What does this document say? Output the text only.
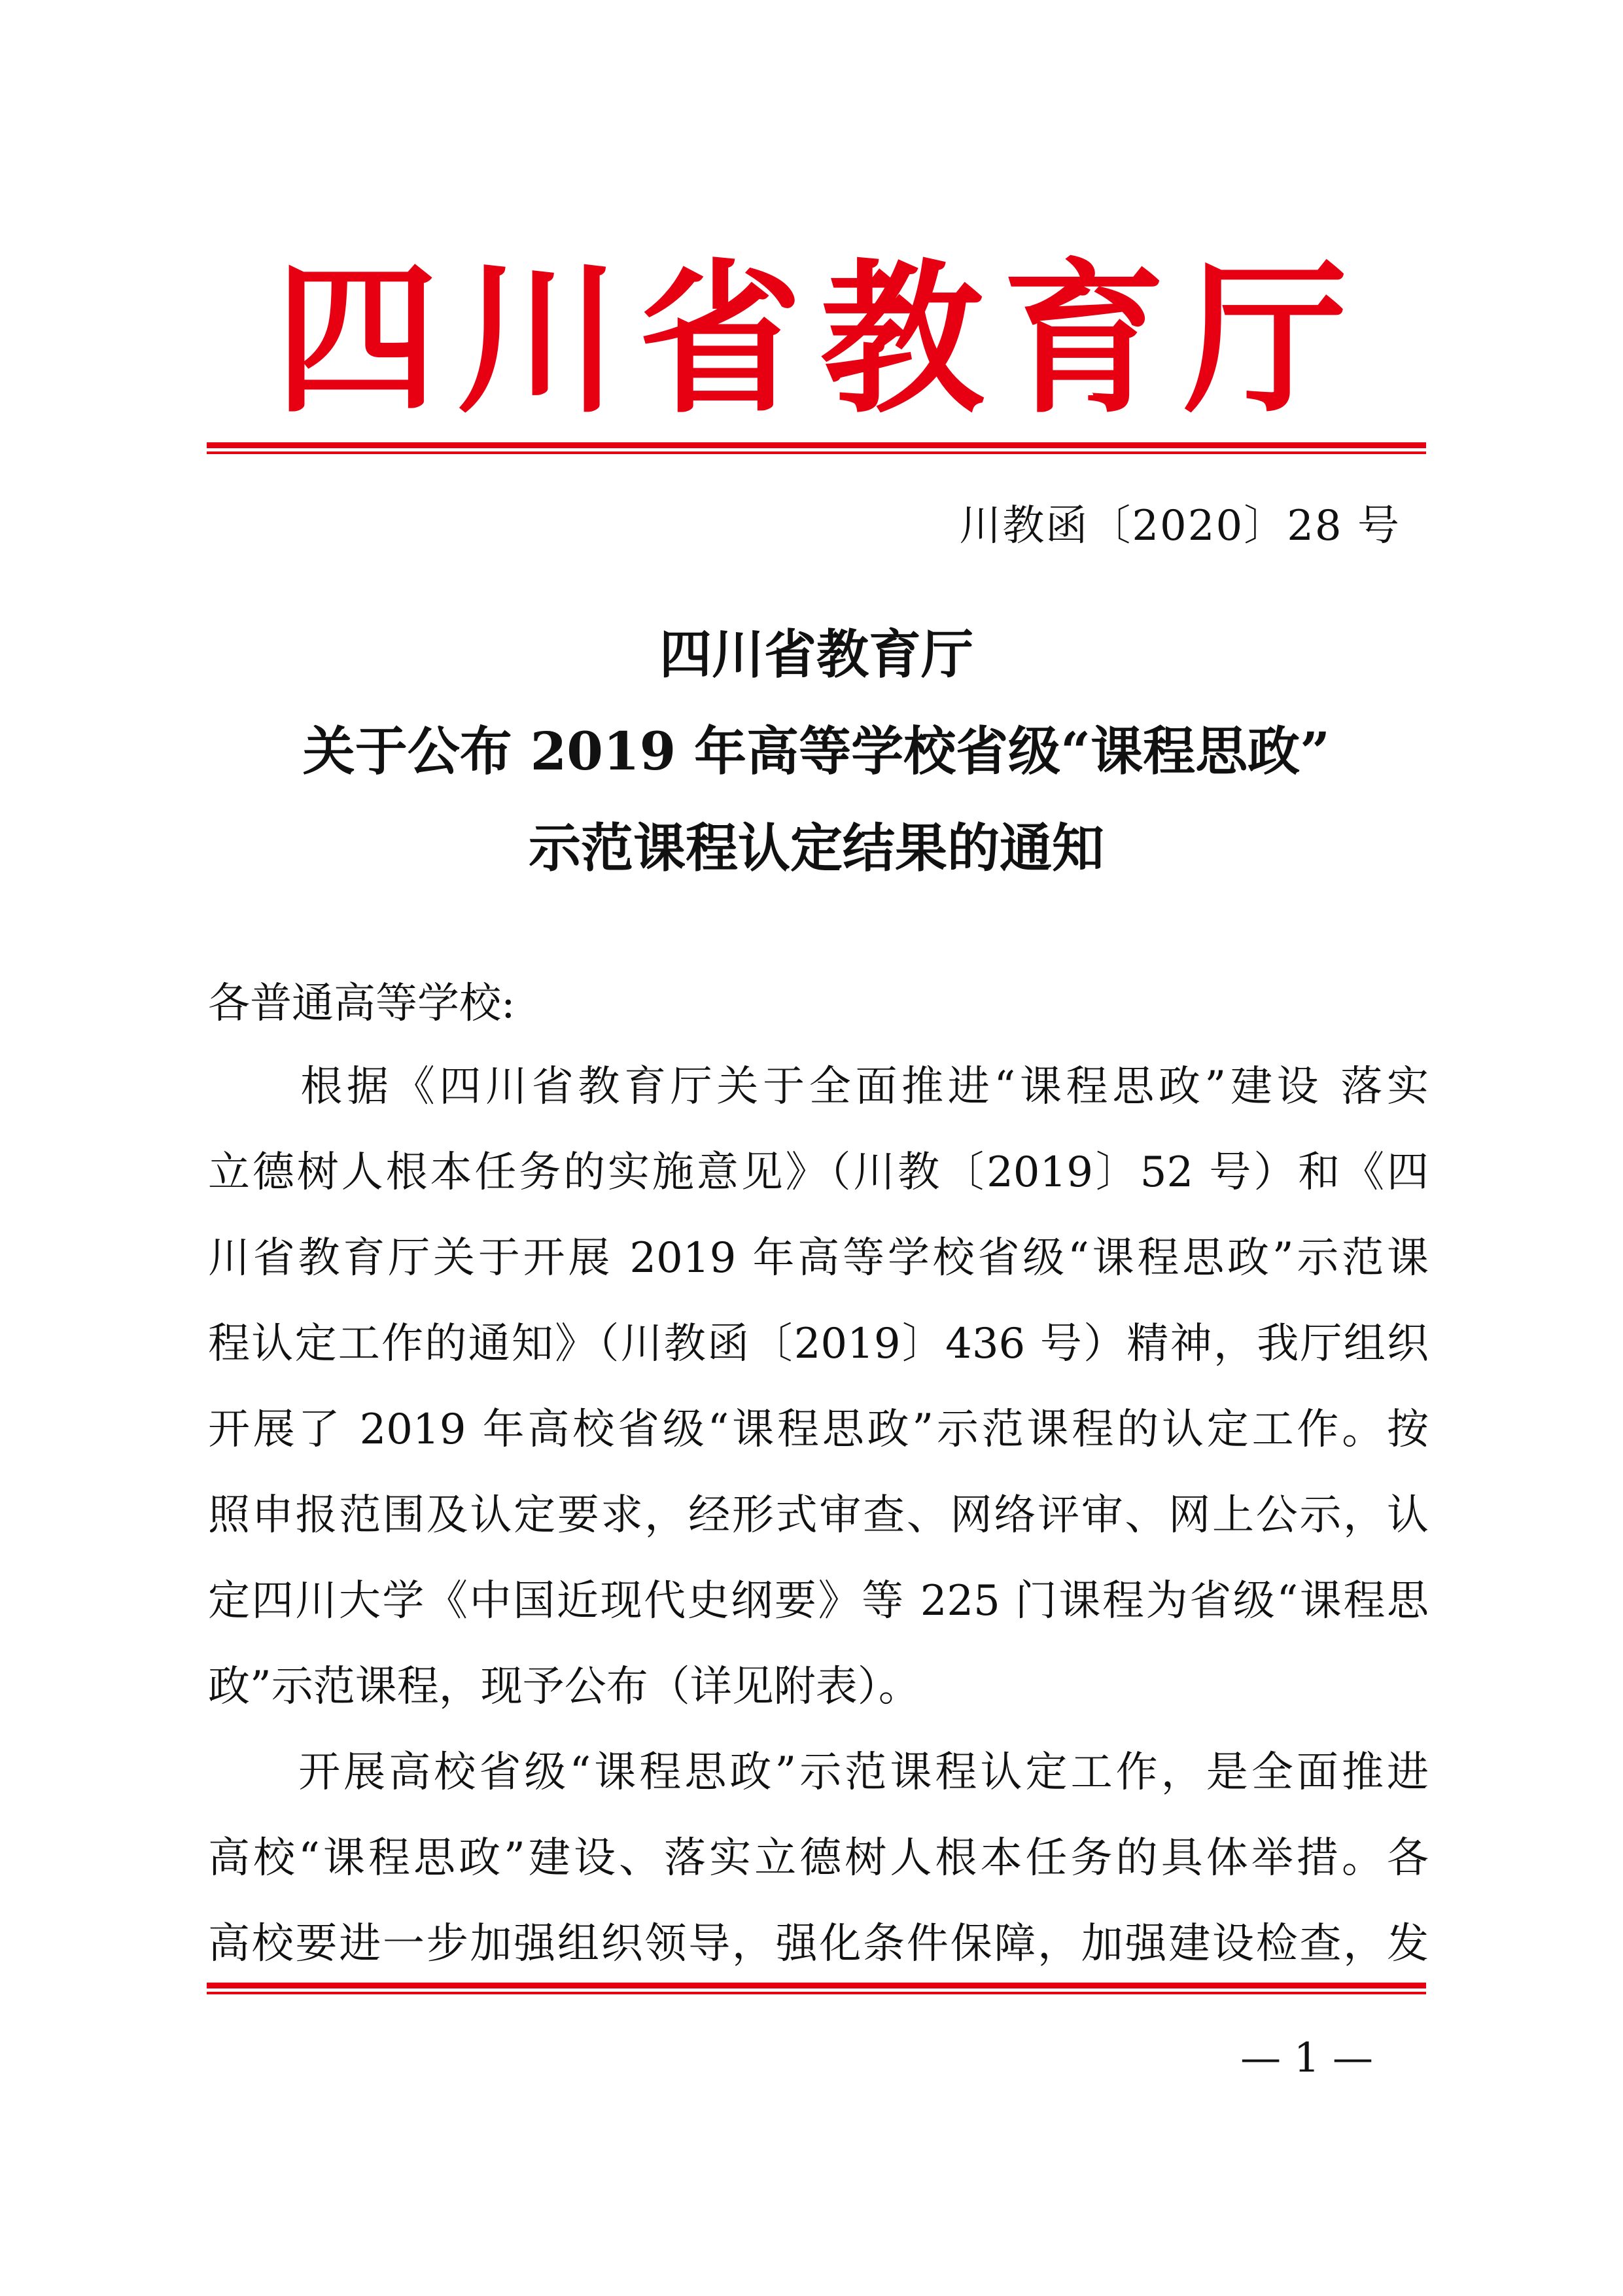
四 川 省 教 育 厅
川教函〔2020〕28 号
四川省教育厅
关于公布 2019 年高等学校省级“课程思政”
示范课程认定结果的通知
各普通高等学校:
　　根据《四川省教育厅关于全面推进“课程思政”建设 落实
立德树人根本任务的实施意见》（川教〔2019〕52 号）和《四
川省教育厅关于开展 2019 年高等学校省级“课程思政”示范课
程认定工作的通知》（川教函〔2019〕436 号）精神，我厅组织
开展了 2019 年高校省级“课程思政”示范课程的认定工作。按
照申报范围及认定要求，经形式审查、网络评审、网上公示，认
定四川大学《中国近现代史纲要》等 225 门课程为省级“课程思
政”示范课程，现予公布（详见附表）。
　　开展高校省级“课程思政”示范课程认定工作，是全面推进
高校“课程思政”建设、落实立德树人根本任务的具体举措。各
高校要进一步加强组织领导，强化条件保障，加强建设检查，发
— 1 —
